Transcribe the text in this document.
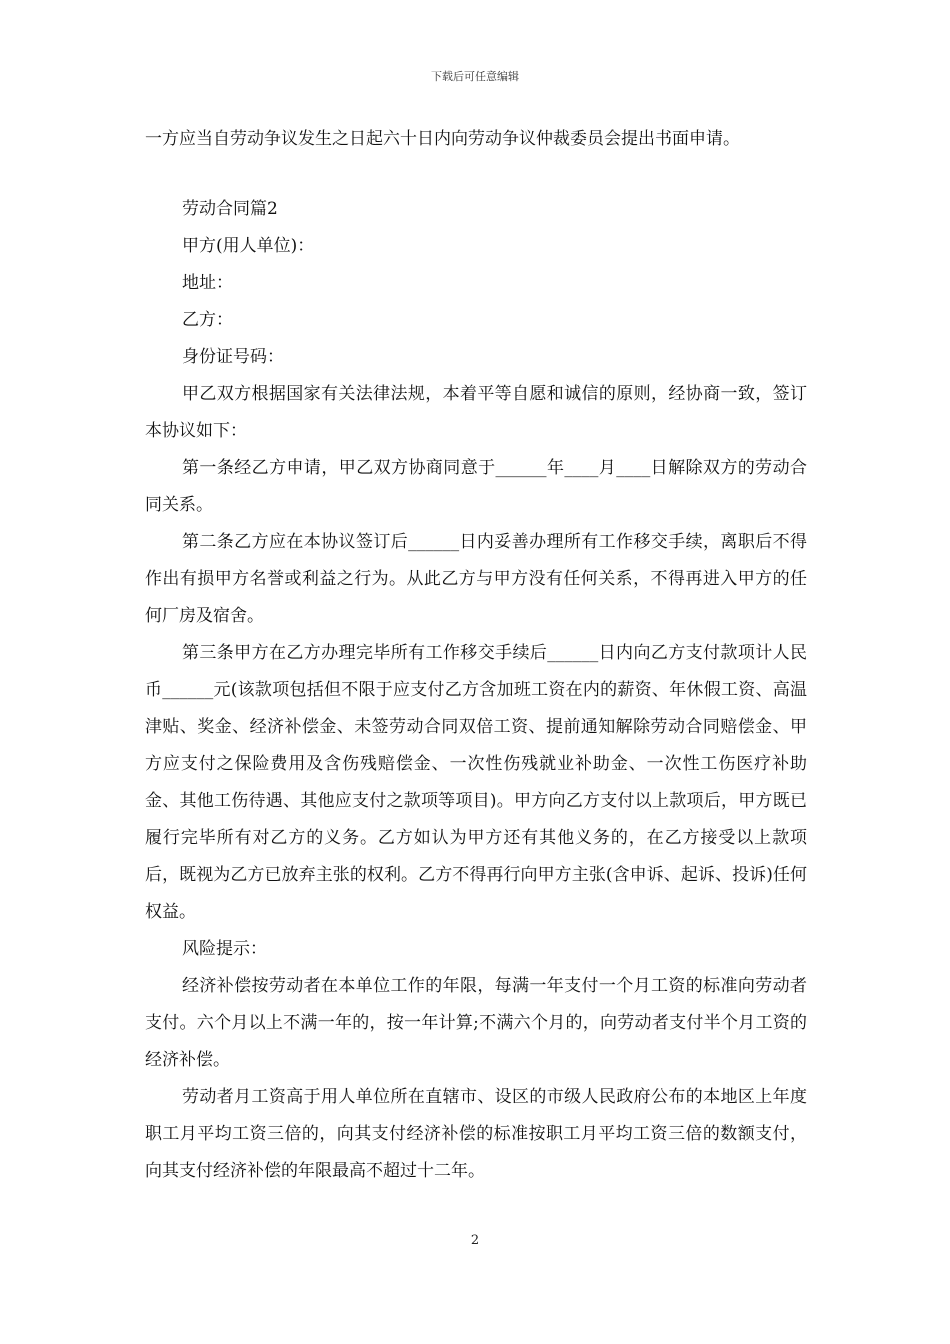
下载后可任意编辑

一方应当自劳动争议发生之日起六十日内向劳动争议仲裁委员会提出书面申请。

劳动合同篇2

甲方(用人单位)：

地址：

乙方：

身份证号码：

甲乙双方根据国家有关法律法规，本着平等自愿和诚信的原则，经协商一致，签订本协议如下：

第一条经乙方申请，甲乙双方协商同意于______年____月____日解除双方的劳动合同关系。

第二条乙方应在本协议签订后______日内妥善办理所有工作移交手续，离职后不得作出有损甲方名誉或利益之行为。从此乙方与甲方没有任何关系，不得再进入甲方的任何厂房及宿舍。

第三条甲方在乙方办理完毕所有工作移交手续后______日内向乙方支付款项计人民币______元(该款项包括但不限于应支付乙方含加班工资在内的薪资、年休假工资、高温津贴、奖金、经济补偿金、未签劳动合同双倍工资、提前通知解除劳动合同赔偿金、甲方应支付之保险费用及含伤残赔偿金、一次性伤残就业补助金、一次性工伤医疗补助金、其他工伤待遇、其他应支付之款项等项目)。甲方向乙方支付以上款项后，甲方既已履行完毕所有对乙方的义务。乙方如认为甲方还有其他义务的，在乙方接受以上款项后，既视为乙方已放弃主张的权利。乙方不得再行向甲方主张(含申诉、起诉、投诉)任何权益。

风险提示：

经济补偿按劳动者在本单位工作的年限，每满一年支付一个月工资的标准向劳动者支付。六个月以上不满一年的，按一年计算;不满六个月的，向劳动者支付半个月工资的经济补偿。

劳动者月工资高于用人单位所在直辖市、设区的市级人民政府公布的本地区上年度职工月平均工资三倍的，向其支付经济补偿的标准按职工月平均工资三倍的数额支付，向其支付经济补偿的年限最高不超过十二年。

2
